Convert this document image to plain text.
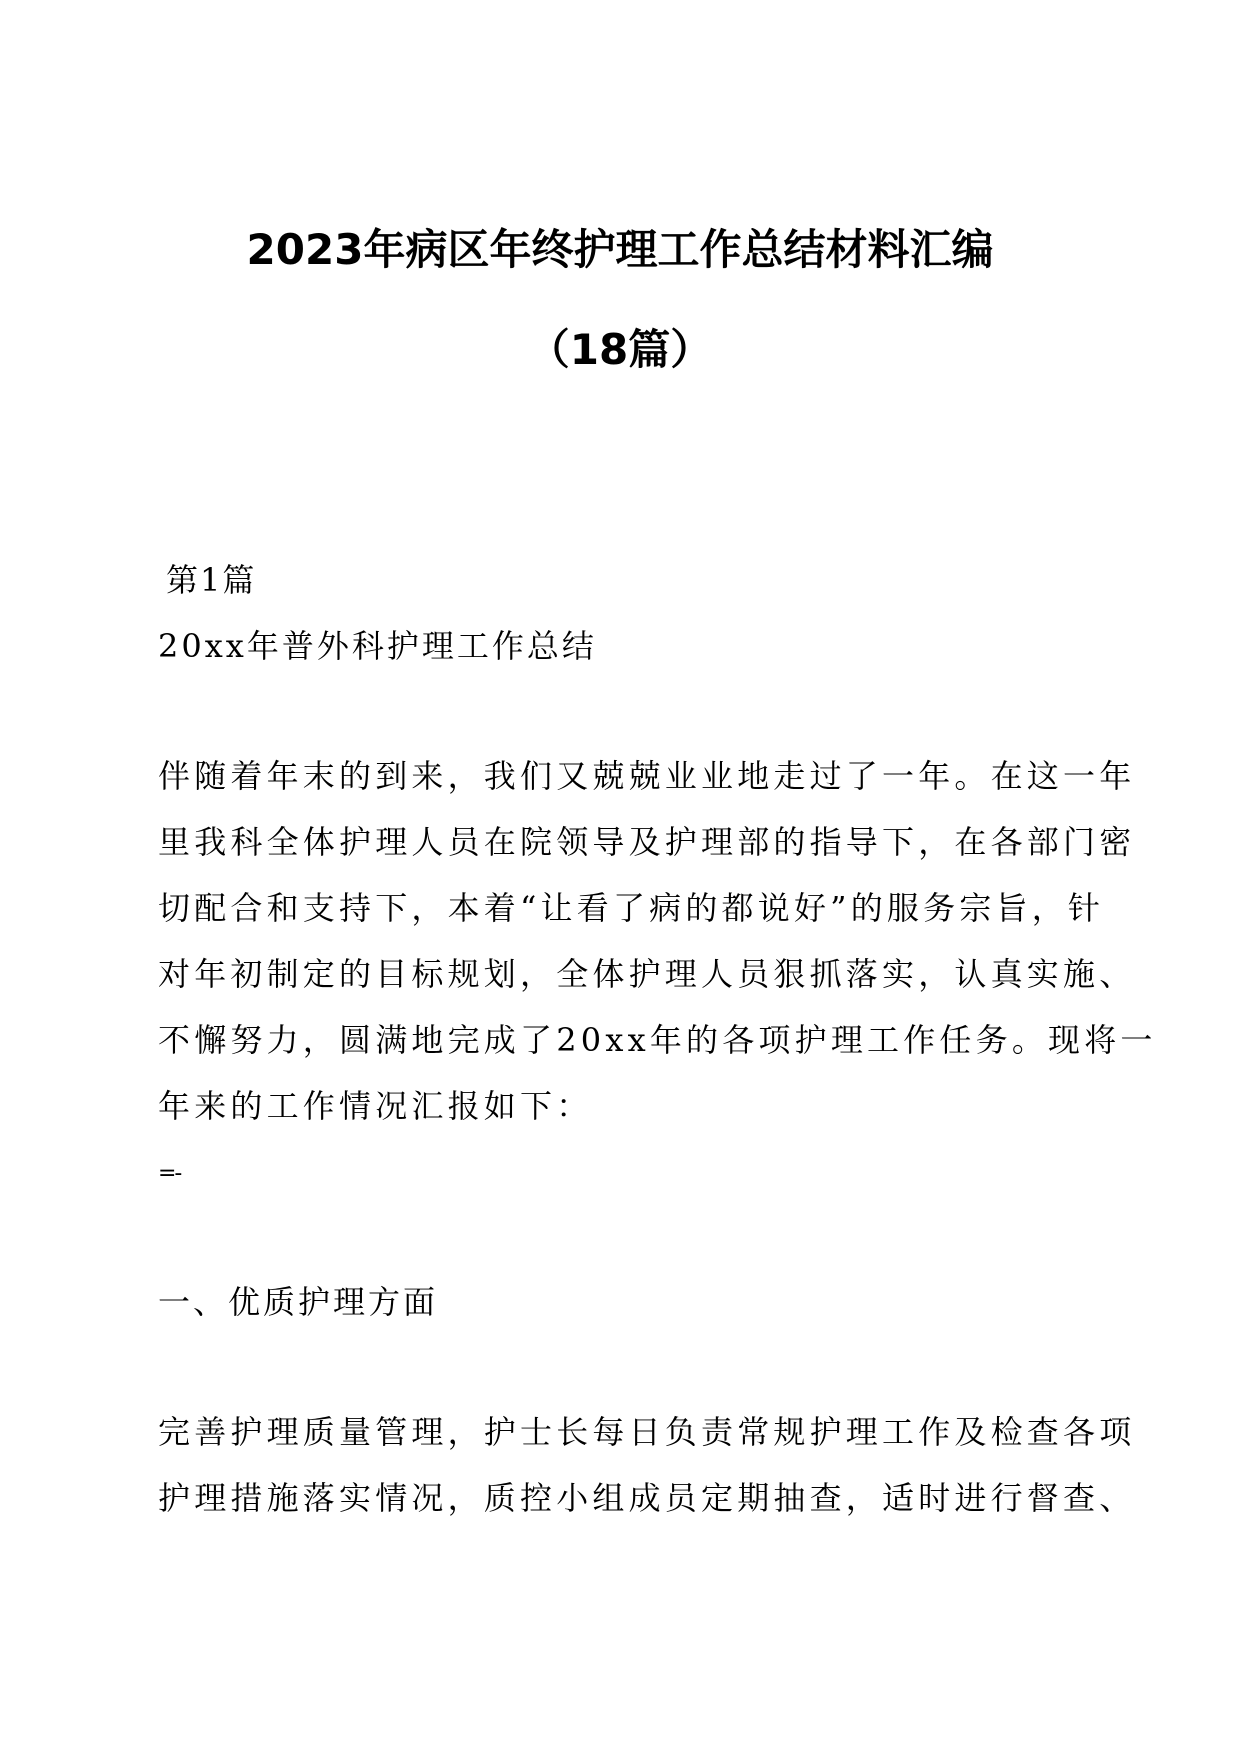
2023年病区年终护理工作总结材料汇编
（18篇）
第1篇
20xx年普外科护理工作总结
伴随着年末的到来，我们又兢兢业业地走过了一年。在这一年
里我科全体护理人员在院领导及护理部的指导下，在各部门密
切配合和支持下，本着“让看了病的都说好”的服务宗旨，针
对年初制定的目标规划，全体护理人员狠抓落实，认真实施、
不懈努力，圆满地完成了20xx年的各项护理工作任务。现将一
年来的工作情况汇报如下：
=-
一、优质护理方面
完善护理质量管理，护士长每日负责常规护理工作及检查各项
护理措施落实情况，质控小组成员定期抽查，适时进行督查、
